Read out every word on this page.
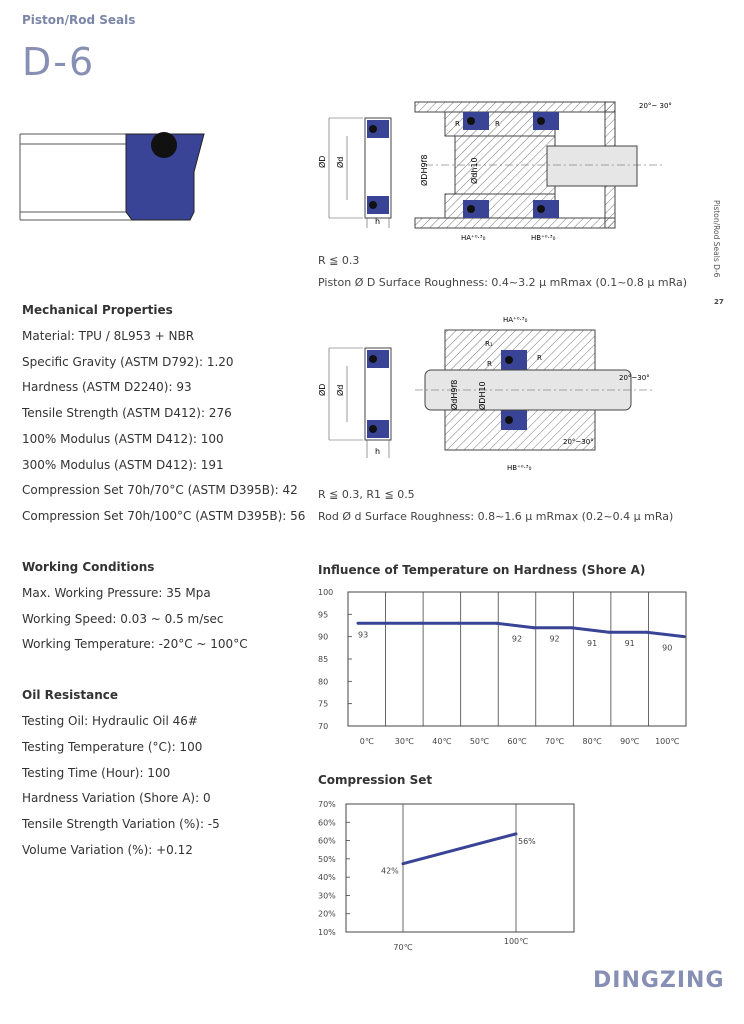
Piston/Rod Seals
D-6
Piston/Rod Seals D-6
27
ØD Ød
h
ØDH9f8	Ødh10
R	R
20°~ 30°
HA⁺⁰·³₀	HB⁺⁰·³₀
R ≦ 0.3
Piston Ø D Surface Roughness: 0.4~3.2 μ mRmax (0.1~0.8 μ mRa)
ØD Ød
h
ØdH9f8 ØDH10
R₁
R
R
HA⁺⁰·³₀
HB⁺⁰·³₀
20°~30°
20°~30°
R ≦ 0.3, R1 ≦ 0.5
Rod Ø d Surface Roughness: 0.8~1.6 μ mRmax (0.2~0.4 μ mRa)
Mechanical Properties
Material: TPU / 8L953 + NBR
Specific Gravity (ASTM D792): 1.20
Hardness (ASTM D2240): 93
Tensile Strength (ASTM D412): 276
100% Modulus (ASTM D412): 100
300% Modulus (ASTM D412): 191
Compression Set 70h/70°C (ASTM D395B): 42
Compression Set 70h/100°C (ASTM D395B): 56
Working Conditions
Max. Working Pressure: 35 Mpa
Working Speed: 0.03 ~ 0.5 m/sec
Working Temperature: -20°C ~ 100°C
Oil Resistance
Testing Oil: Hydraulic Oil 46#
Testing Temperature (°C): 100
Testing Time (Hour): 100
Hardness Variation (Shore A): 0
Tensile Strength Variation (%): -5
Volume Variation (%): +0.12
Influence of Temperature on Hardness (Shore A)
100
95
90
85
80
75
70
93	92	92	91	91	90
0℃	30℃ 40℃ 50℃ 60℃ 70℃ 80℃ 90℃ 100℃
Compression Set
70%
60%
60%
50%
40%
30%
20%
10%
42%
56%
70℃
100℃
DINGZING
